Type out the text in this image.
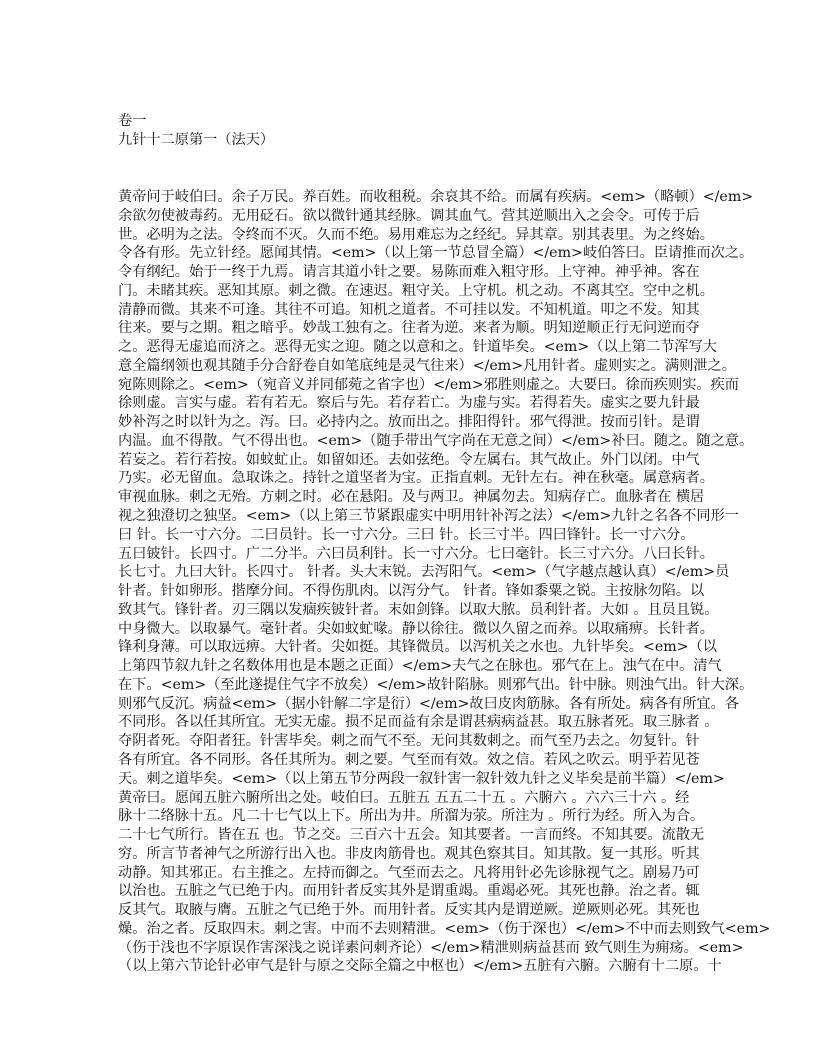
卷一
九针十二原第一（法天）
黄帝问于岐伯曰。余子万民。养百姓。而收租税。余哀其不给。而属有疾病。<em>（略顿）</em>
余欲勿使被毒药。无用砭石。欲以微针通其经脉。调其血气。营其逆顺出入之会令。可传于后
世。必明为之法。令终而不灭。久而不绝。易用难忘为之经纪。异其章。别其表里。为之终始。
令各有形。先立针经。愿闻其情。<em>（以上第一节总冒全篇）</em>岐伯答曰。臣请推而次之。
令有纲纪。始于一终于九焉。请言其道小针之要。易陈而难入粗守形。上守神。神乎神。客在
门。未睹其疾。恶知其原。刺之微。在速迟。粗守关。上守机。机之动。不离其空。空中之机。
清静而微。其来不可逢。其往不可追。知机之道者。不可挂以发。不知机道。叩之不发。知其
往来。要与之期。粗之暗乎。妙哉工独有之。往者为逆。来者为顺。明知逆顺正行无问逆而夺
之。恶得无虚追而济之。恶得无实之迎。随之以意和之。针道毕矣。<em>（以上第二节浑写大
意全篇纲领也观其随手分合舒卷自如笔底纯是灵气往来）</em>凡用针者。虚则实之。满则泄之。
宛陈则除之。<em>（宛音义并同郁菀之省字也）</em>邪胜则虚之。大要曰。徐而疾则实。疾而
徐则虚。言实与虚。若有若无。察后与先。若存若亡。为虚与实。若得若失。虚实之要九针最
妙补泻之时以针为之。泻。曰。必持内之。放而出之。排阳得针。邪气得泄。按而引针。是谓
内温。血不得散。气不得出也。<em>（随手带出气字尚在无意之间）</em>补曰。随之。随之意。
若妄之。若行若按。如蚊虻止。如留如还。去如弦绝。令左属右。其气故止。外门以闭。中气
乃实。必无留血。急取诛之。持针之道坚者为宝。正指直刺。无针左右。神在秋毫。属意病者。
审视血脉。刺之无殆。方刺之时。必在悬阳。及与两卫。神属勿去。知病存亡。血脉者在 横居
视之独澄切之独坚。<em>（以上第三节紧跟虚实中明用针补泻之法）</em>九针之名各不同形一
曰 针。长一寸六分。二曰员针。长一寸六分。三曰 针。长三寸半。四曰锋针。长一寸六分。
五曰铍针。长四寸。广二分半。六曰员利针。长一寸六分。七曰毫针。长三寸六分。八曰长针。
长七寸。九曰大针。长四寸。 针者。头大末锐。去泻阳气。<em>（气字越点越认真）</em>员
针者。针如卵形。揩摩分间。不得伤肌肉。以泻分气。 针者。锋如黍粟之锐。主按脉勿陷。以
致其气。锋针者。刃三隅以发痼疾铍针者。末如剑锋。以取大脓。员利针者。大如 。且员且锐。
中身微大。以取暴气。毫针者。尖如蚊虻喙。静以徐往。微以久留之而养。以取痛痹。长针者。
锋利身薄。可以取远痹。大针者。尖如挺。其锋微员。以泻机关之水也。九针毕矣。<em>（以
上第四节叙九针之名数体用也是本题之正面）</em>夫气之在脉也。邪气在上。浊气在中。清气
在下。<em>（至此遂提住气字不放矣）</em>故针陷脉。则邪气出。针中脉。则浊气出。针大深。
则邪气反沉。病益<em>（据小针解二字是衍）</em>故曰皮肉筋脉。各有所处。病各有所宜。各
不同形。各以任其所宜。无实无虚。损不足而益有余是谓甚病病益甚。取五脉者死。取三脉者 。
夺阴者死。夺阳者狂。针害毕矣。刺之而气不至。无问其数刺之。而气至乃去之。勿复针。针
各有所宜。各不同形。各任其所为。刺之要。气至而有效。效之信。若风之吹云。明乎若见苍
天。刺之道毕矣。<em>（以上第五节分两段一叙针害一叙针效九针之义毕矣是前半篇）</em>
黄帝曰。愿闻五脏六腑所出之处。岐伯曰。五脏五 五五二十五 。六腑六 。六六三十六 。经
脉十二络脉十五。凡二十七气以上下。所出为井。所溜为荥。所注为 。所行为经。所入为合。
二十七气所行。皆在五 也。节之交。三百六十五会。知其要者。一言而终。不知其要。流散无
穷。所言节者神气之所游行出入也。非皮肉筋骨也。观其色察其目。知其散。复一其形。听其
动静。知其邪正。右主推之。左持而御之。气至而去之。凡将用针必先诊脉视气之。剧易乃可
以治也。五脏之气已绝于内。而用针者反实其外是谓重竭。重竭必死。其死也静。治之者。辄
反其气。取腋与膺。五脏之气已绝于外。而用针者。反实其内是谓逆厥。逆厥则必死。其死也
燥。治之者。反取四末。刺之害。中而不去则精泄。<em>（伤于深也）</em>不中而去则致气<em>
（伤于浅也不字原误作害深浅之说详素问刺齐论）</em>精泄则病益甚而 致气则生为痈疡。<em>
（以上第六节论针必审气是针与原之交际全篇之中枢也）</em>五脏有六腑。六腑有十二原。十
